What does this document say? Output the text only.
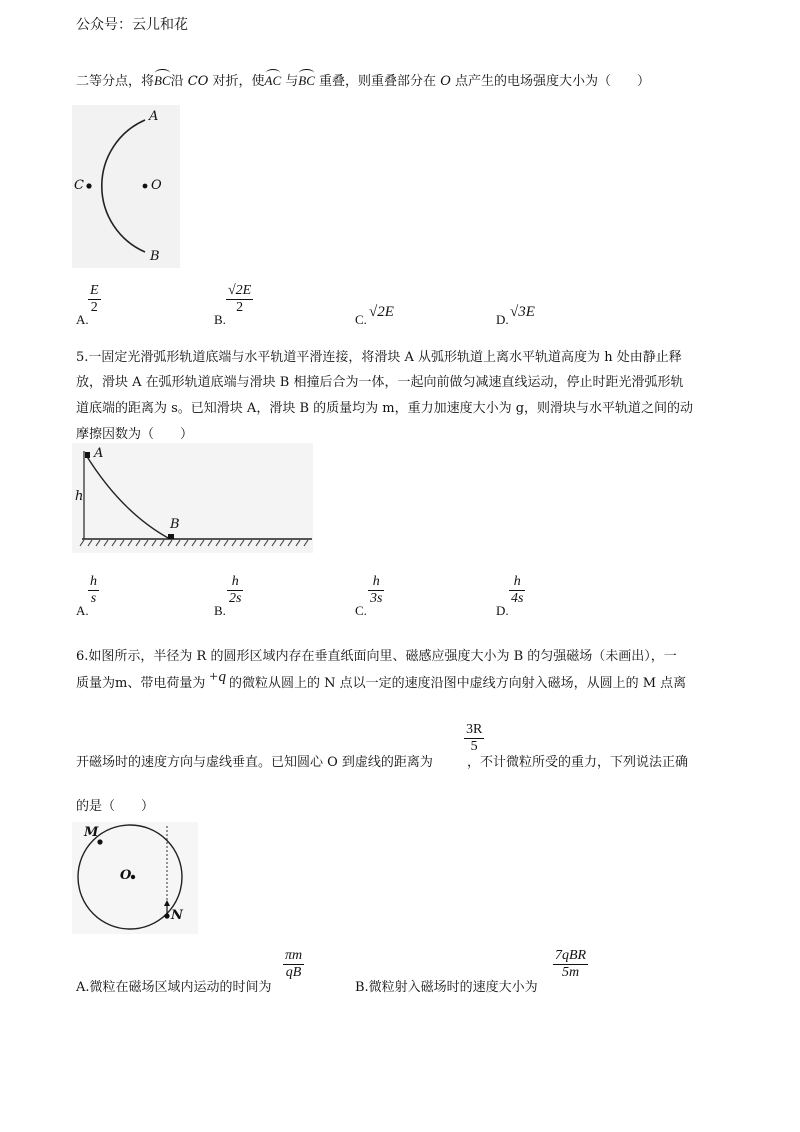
公众号：云儿和花
二等分点，将BC沿 CO 对折，使AC 与BC 重叠，则重叠部分在 O 点产生的电场强度大小为（　　）
A
B
C	O
A.
E
2
B.
√2E
2
C. √2E	D. √3E
5.一固定光滑弧形轨道底端与水平轨道平滑连接，将滑块 A 从弧形轨道上离水平轨道高度为 h 处由静止释
放，滑块 A 在弧形轨道底端与滑块 B 相撞后合为一体，一起向前做匀减速直线运动，停止时距光滑弧形轨
道底端的距离为 s。已知滑块 A，滑块 B 的质量均为 m，重力加速度大小为 g，则滑块与水平轨道之间的动
摩擦因数为（　　）
A
B
h
A.
h
s
B.
h
2s
C.
h
3s
D.
h
4s
6.如图所示，半径为 R 的圆形区域内存在垂直纸面向里、磁感应强度大小为 B 的匀强磁场（未画出），一
质量为m、带电荷量为 +q 的微粒从圆上的 N 点以一定的速度沿图中虚线方向射入磁场，从圆上的 M 点离
开磁场时的速度方向与虚线垂直。已知圆心 O 到虚线的距离为	，不计微粒所受的重力，下列说法正确
3R
5
的是（　　）
M
O
N
A.微粒在磁场区域内运动的时间为
πm
qB
B.微粒射入磁场时的速度大小为
7qBR
5m
